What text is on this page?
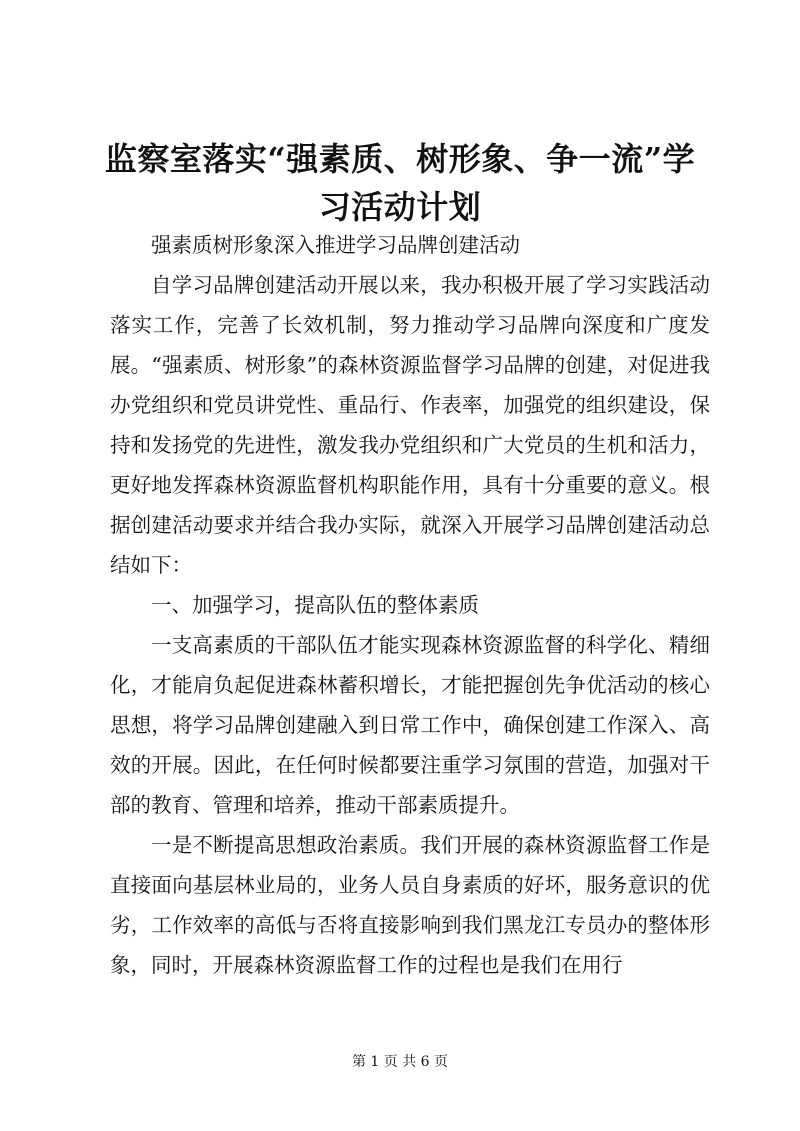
监察室落实“强素质、树形象、争一流”学习活动计划

强素质树形象深入推进学习品牌创建活动

自学习品牌创建活动开展以来，我办积极开展了学习实践活动落实工作，完善了长效机制，努力推动学习品牌向深度和广度发展。“强素质、树形象”的森林资源监督学习品牌的创建，对促进我办党组织和党员讲党性、重品行、作表率，加强党的组织建设，保持和发扬党的先进性，激发我办党组织和广大党员的生机和活力，更好地发挥森林资源监督机构职能作用，具有十分重要的意义。根据创建活动要求并结合我办实际，就深入开展学习品牌创建活动总结如下：

一、加强学习，提高队伍的整体素质

一支高素质的干部队伍才能实现森林资源监督的科学化、精细化，才能肩负起促进森林蓄积增长，才能把握创先争优活动的核心思想，将学习品牌创建融入到日常工作中，确保创建工作深入、高效的开展。因此，在任何时候都要注重学习氛围的营造，加强对干部的教育、管理和培养，推动干部素质提升。

一是不断提高思想政治素质。我们开展的森林资源监督工作是直接面向基层林业局的，业务人员自身素质的好坏，服务意识的优劣，工作效率的高低与否将直接影响到我们黑龙江专员办的整体形象，同时，开展森林资源监督工作的过程也是我们在用行

第 1 页 共 6 页
